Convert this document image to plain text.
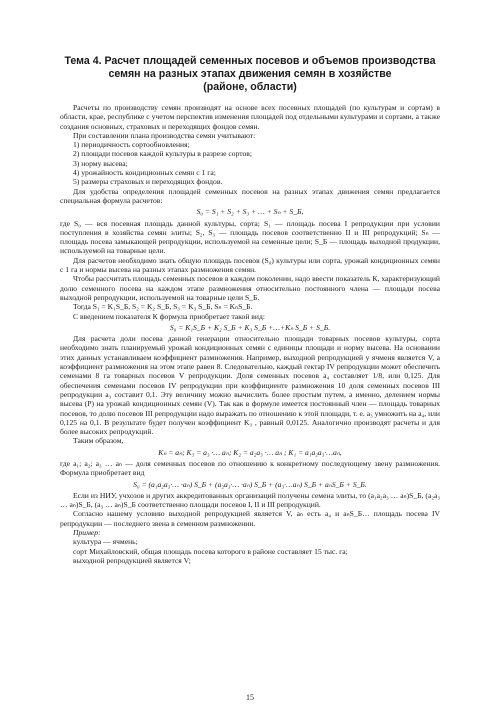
Тема 4. Расчет площадей семенных посевов и объемов производства
семян на разных этапах движения семян в хозяйстве
(районе, области)

Расчеты по производству семян производят на основе всех посевных площадей (по культурам и сортам) в области, крае, республике с учетом перспектив изменения площадей под отдельными культурами и сортами, а также создания основных, страховых и переходящих фондов семян.

При составлении плана производства семян учитывают:

1) периодичность сортообновления;

2) площади посевов каждой культуры в разрезе сортов;

3) норму высева;

4) урожайность кондиционных семян с 1 га;

5) размеры страховых и переходящих фондов.

Для удобства определения площадей семенных посевов на разных этапах движения семян предлагается специальная формула расчетов:

S₀ = S₁ + S₂ + S₃ + … + Sₙ + S_Б,

где S₀ — вся посевная площадь данной культуры, сорта; S₁ — площадь посева I репродукции при условии поступления в хозяйства семян элиты; S₂, S₃ — площадь посевов соответственно II и III репродукций; Sₙ — площадь посева замыкающей репродукции, используемой на семенные цели; S_Б — площадь выходной продукции, используемой на товарные цели.

Для расчетов необходимо знать общую площадь посевов (S₀) культуры или сорта, урожай кондиционных семян с 1 га и нормы высева на разных этапах размножения семян.

Чтобы рассчитать площадь семенных посевов в каждом поколении, надо ввести показатель К, характеризующий долю семенного посева на каждом этапе размножения относительно постоянного члена — площади посева выходной репродукции, используемой на товарные цели S_Б.

Тогда S₁ = K₁S_Б, S₂ = K₂ S_Б, S₃ = K₃ S_Б, Sₙ = KₙS_Б.

С введением показателя К формула приобретает такой вид:

S₀ = K₁S_Б + K₂ S_Б + K₃ S_Б +…+Kₙ S_Б + S_Б.

Для расчета доли посева данной генерации относительно площади товарных посевов культуры, сорта необходимо знать планируемый урожай кондиционных семян с единицы площади и норму высева. На основании этих данных устанавливаем коэффициент размножения. Например, выходной репродукцией у ячменя является V, а коэффициент размножения на этом этапе равен 8. Следовательно, каждый гектар IV репродукции может обеспечить семенами 8 га товарных посевов V репродукции. Доля семенных посевов a₄ составляет 1/8, или 0,125. Для обеспечения семенами посевов IV репродукции при коэффициенте размножения 10 доля семенных посевов III репродукции a₃ составит 0,1. Эту величину можно вычислить более простым путем, а именно, делением нормы высева (P) на урожай кондиционных семян (V). Так как в формуле имеется постоянный член — площадь товарных посевов, то долю посевов III репродукции надо выражать по отношению к этой площади, т. е. a₃ умножить на a₄, или 0,125 на 0,1. В результате будет получен коэффициент K₃ , равный 0,0125. Аналогично производят расчеты и для более высоких репродукций.

Таким образом,

Kₙ = aₙ; K₃ = a₃ ·… aₙ; K₂ = a₂a₃ ·… aₙ ; K₁ = a₁a₂a₃·…aₙ,

где a₁; a₂; a₃ … aₙ — доля семенных посевов по отношению к конкретному последующему звену размножения. Формула приобретает вид

S₀ = (a₁a₂a₃·… ·aₙ) S_Б + (a₂a₃·… ·aₙ) S_Б + (a₃·…aₙ) S_Б + aₙS_Б + S_Б.

Если из НИУ, учхозов и других аккредитованных организаций получены семена элиты, то (a₁a₂a₃ … aₙ)S_Б, (a₂a₃ … aₙ)S_Б, (a₃ … aₙ)S_Б соответственно площади посевов I, II и III репродукций.

Согласно нашему условию выходной репродукцией является V, aₙ есть a₄ и aₙS_Б… площадь посева IV репродукции — последнего звена в семенном размножении.

Пример:

культура — ячмень;

сорт Михайловский, общая площадь посева которого в районе составляет 15 тыс. га;

выходной репродукцией является V;

15
